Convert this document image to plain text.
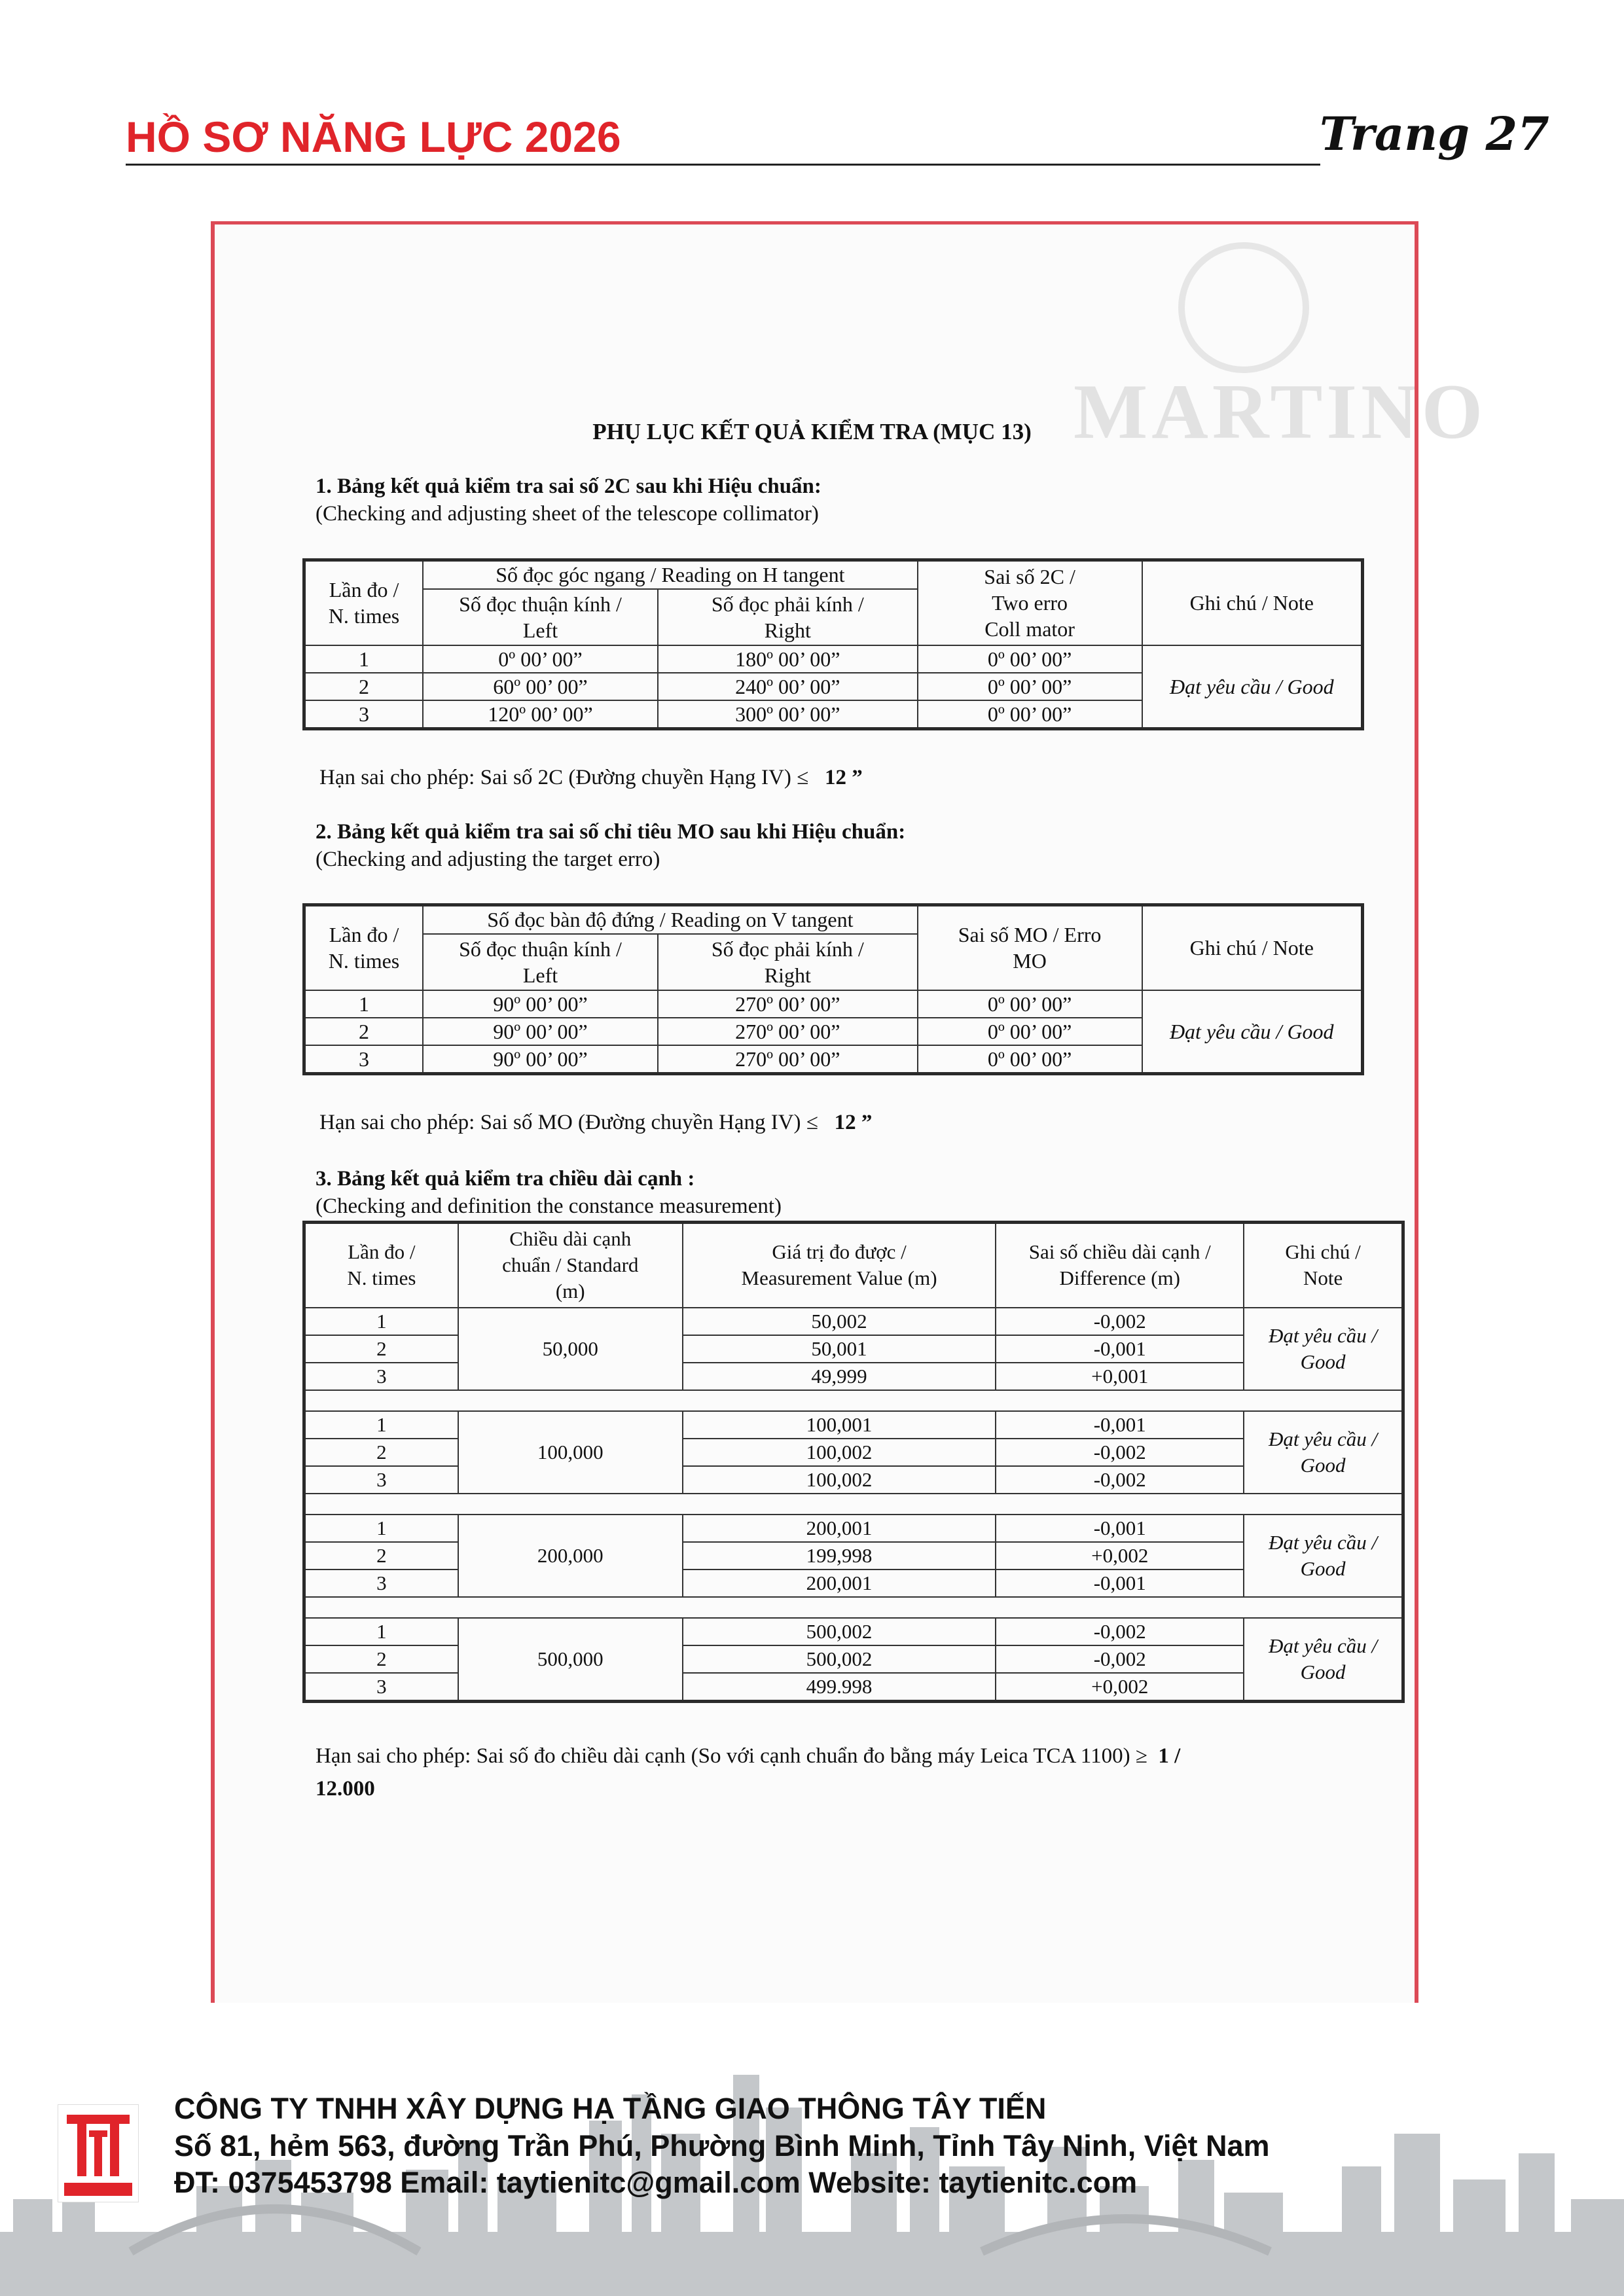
HỒ SƠ NĂNG LỰC 2026	Trang 27
MARTINO
PHỤ LỤC KẾT QUẢ KIỂM TRA (MỤC 13)
1. Bảng kết quả kiểm tra sai số 2C sau khi Hiệu chuẩn:
(Checking and adjusting sheet of the telescope collimator)
Lần đo /
N. times	Số đọc góc ngang / Reading on H tangent		Sai số 2C /
Two erro
Coll mator	Ghi chú / Note
	Số đọc thuận kính /
Left	Số đọc phải kính /
Right		
1	0º 00’ 00”	180º 00’ 00”	0º 00’ 00”	Đạt yêu cầu / Good
2	60º 00’ 00”	240º 00’ 00”	0º 00’ 00”	
3	120º 00’ 00”	300º 00’ 00”	0º 00’ 00”	
Hạn sai cho phép: Sai số 2C (Đường chuyền Hạng IV) ≤ 12 ”
2. Bảng kết quả kiểm tra sai số chỉ tiêu MO sau khi Hiệu chuẩn:
(Checking and adjusting the target erro)
Lần đo /
N. times	Số đọc bàn độ đứng / Reading on V tangent		Sai số MO / Erro
MO	Ghi chú / Note
	Số đọc thuận kính /
Left	Số đọc phải kính /
Right		
1	90º 00’ 00”	270º 00’ 00”	0º 00’ 00”	Đạt yêu cầu / Good
2	90º 00’ 00”	270º 00’ 00”	0º 00’ 00”	
3	90º 00’ 00”	270º 00’ 00”	0º 00’ 00”	
Hạn sai cho phép: Sai số MO (Đường chuyền Hạng IV) ≤ 12 ”
3. Bảng kết quả kiểm tra chiều dài cạnh :
(Checking and definition the constance measurement)
Lần đo /
N. times	Chiều dài cạnh
chuẩn / Standard
(m)	Giá trị đo được /
Measurement Value (m)	Sai số chiều dài cạnh /
Difference (m)	Ghi chú /
Note
1	50,000	50,002	-0,002	Đạt yêu cầu /
Good
2		50,001	-0,001	
3		49,999	+0,001	

1	100,000	100,001	-0,001	Đạt yêu cầu /
Good
2		100,002	-0,002	
3		100,002	-0,002	

1	200,000	200,001	-0,001	Đạt yêu cầu /
Good
2		199,998	+0,002	
3		200,001	-0,001	

1	500,000	500,002	-0,002	Đạt yêu cầu /
Good
2		500,002	-0,002	
3		499.998	+0,002	
Hạn sai cho phép: Sai số đo chiều dài cạnh (So với cạnh chuẩn đo bằng máy Leica TCA 1100) ≥ 1 /
12.000
CÔNG TY TNHH XÂY DỰNG HẠ TẦNG GIAO THÔNG TÂY TIẾN
Số 81, hẻm 563, đường Trần Phú, Phường Bình Minh, Tỉnh Tây Ninh, Việt Nam
ĐT: 0375453798 Email: taytienitc@gmail.com Website: taytienitc.com
